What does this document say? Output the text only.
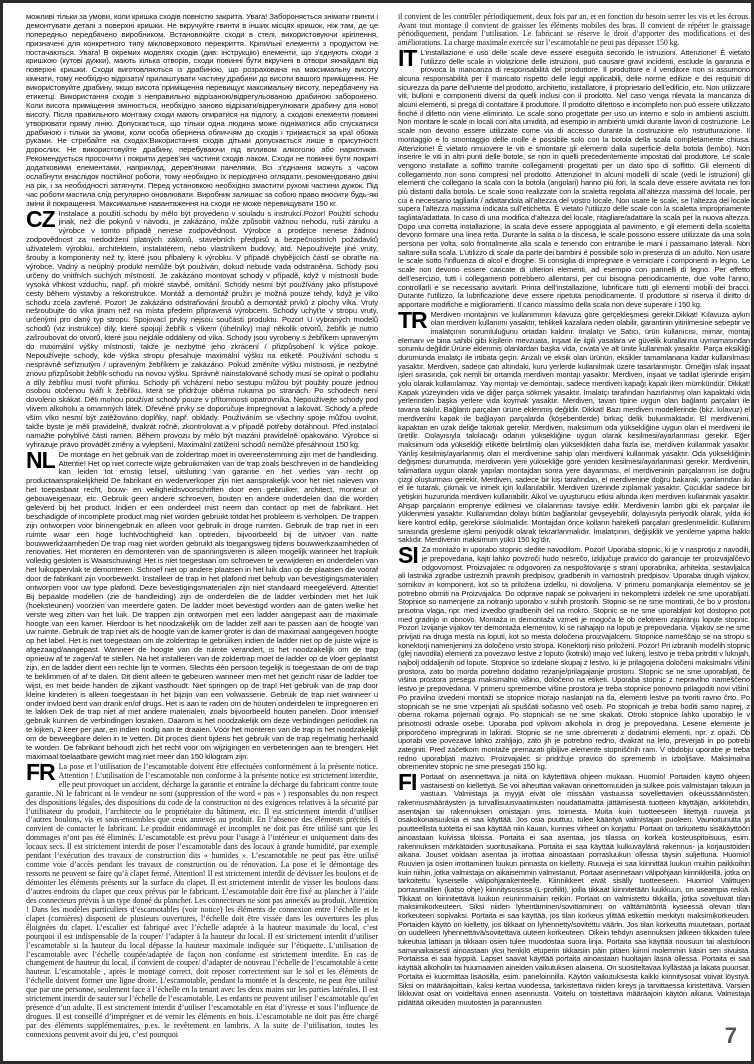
можливі тільки за умови, коли кришка сходів повністю закрита. Увага! Забороняється знімати гвинти і демонтувати деталі з поверхні кришки. Не вкручуйте гвинти в інших місцях кришок, ніж там, де це попередньо передбачено виробником. Встановлюйте сходи в стелі, використовуючи кріплення, призначені для конкретного типу мікловерхового перекриття. Кріпильні елементи з продуктом не постачаються. Увага! В окремих моделях сходів (див: інструкцію) елементи, що з'єднують сходи з кришкою (кутові дужки), мають кілька отворів, сходи повинні бути вкручені в отвори якнайдалі від поверхні кришки. Сходи виготовляються із драбиною, що розрахована на максимальну висоту кімнати, тому необхідно відрізати/ прилаштувати частину драбини до висоти вашого приміщення. Не використовуйте драбину, якщо висота приміщення перевищує максимальну висоту, передбачену на етикетці. Використання сходів з неправильно відрізаною/відрегульованою драбиною заборонено. Коли висота приміщення змінюється, необхідно заново відрізати/відрегулювати драбину для нової висоту. Після правильного монтажу сходи мають опиратися на підлогу, а сходові елементи повинні утворювати пряму лінію. Допускається, що тільки одна людина може підніматися або спускатися драбиною і тільки за умови, коли особа обернена обличчям до сходів і тримається за краї обома руками. Не стрибайте на сходах.Використання сходів дітьми допускається лише в присутності дорослих. Не використовуйте драбину, перебуваючи під впливом алкоголю або наркотиків. Рекомендується просочити і покрити дерев'яні частини сходів лаком. Сходи не повинні бути покриті додатковими елементами, наприклад, дерев'яними панелями. Всі з'єднання можуть з часом ослабнути внаслідок постійної роботи, тому необхідно їх періодично оглядати, рекомендовано двічі на рік, і за необхідності затягнути. Перед установкою необхідно змастити рухомі частини дужок. Під час роботи мастила слід регулярно оновлювати. Виробник залишає за собою право вносити будь-які зміни й покращення. Максимальне навантаження на сходи не може перевищувати 150 кг.

CZ Instalace a použití schodu by mělo být provedeno v souladu s instrukcí.Pozor! Použití schodu jinak, než dle pokynů v návodu, je zakázáno, může způsobit vážnou nehodu, ruší záruku a výrobce v tomto případě nenese zodpovědnost. Výrobce a prodejce nenese žádnou zodpovědnost za nedodržení platných zákonů, stavebních předpisů a bezpečnostních požadavků uživatelem výrobku, architektem, instalatérem, nebo vlastníkem budovy, atd. Nepoužívejte jiné vruty, šrouby a komponenty než ty, které jsou přibaleny k výrobku. V případě chybějících částí se obraťte na výrobce. Vadný a neúplný produkt nemůže být používán, dokud nebude vada odstraněna. Schody jsou určeny do vnitřních suchých místností. Je zakázáno montovat schody v případě, když v místnosti bude vysoká vlhkost vzduchu, např. při mokré stavbě, omítání. Schody nesmí být používány jako přístupové cesty během výstavby a rekonstrukce. Montáž a demontáž pružin je možná pouze tehdy, když je víko schodu zcela zavřené. Pozor! Je zakázáno odstraňování šroubů a demontáž prvků z plochy víka. Vruty nešroubujte do víka jinam než na místa předem připravená výrobcem. Schody uchyťte v stropu vruty, určenými pro daný typ stropu. Spojovací prvky nejsou součástí produktu. Pozor! U vybraných modelů schodů (viz instrukce) díly, které spojují žebřík s víkem (úhelníky) mají několik otvorů, žebřík je nutno zašroubovat do otvorů, které jsou nejdále oddáleny od víka. Schody jsou vyrobeny s žebříkem upraveným do maximální výšky místnosti, takže je nezbytné jeho zkrácení / přizpůsobení k výšce pokoje. Nepoužívejte schody, kde výška stropu přesahuje maximální výšku na etiketě. Používání schodu s nesprávně seříznutým / upraveným žebříkem je zakázáno. Pokud změníte výšku místnosti, je nezbytné znovu přizpůsobit žebřík schodu na novou výšku. Správně nainstalované schody musí se opírat o podlahu a díly žebříku musí tvořit přímku. Schody při vcházení nebo sestupu můžou být použity pouze jednou osobou otočenou tváří k žebříku, která se přidržuje oběma rukama po stranách. Po schodech není dovoleno skákat. Děti mohou používat schody pouze v přítomnosti opatrovníka. Nepoužívejte schody pod vlivem alkoholu a omamných látek. Dřevěné prvky se doporučuje impregnovat a lakovat. Schody a přede vším víko nesmí být zatěžováno doplňky, např. obklady. Používáním se všechny spoje můžou uvolnit, takže byste je měli pravidelně, dvakrát ročně, zkontrolovat a v případě potřeby dotáhnout. Před instalací namažte pohyblivé části ramen. Během provozu by mělo být mazání pravidelně opakováno. Výrobce si vyhrazuje právo provádět změny a vylepšení. Maximální zatížení schodů nemůže přesáhnout 150 kg.

NL De montage en het gebruik van de zoldertrap moet in overeenstemming zijn met de handleiding. Attentie! Het op niet correcte wijze gebruikmaken van de trap zoals beschreven in de handleiding kan leiden tot ernstig letsel, uitsluiting van garantie en het verlies van recht op productaansprakelijkheid De fabrikant en wederverkoper zijn niet aansprakelijk voor het niet naleven van het toepasbaar recht, bouw- en veiligheidsvoorschriften door een gebruiker, architect, monteur of gebouweigenaar, etc. Gebruik geen andere schroeven, bouten en andere onderdelen dan die worden geleverd bij het product. Indien er een onderdeel mist neem dan contact op met de fabrikant. Het beschadigde of incomplete product mag niet worden gebruikt totdat het probleem is verholpen. De trappen zijn ontworpen voor binnengebruik en alleen voor gebruik in droge ruimten. Gebruik de trap niet in een ruimte waar een hoge luchtvochtigheid kan optreden, bijvoorbeeld bij de uitvoer van natte bouwwerkzaamheden De trap mag niet worden gebruikt als toegangsweg tijdens bouwwerkzaamheden of renovaties. Het monteren en demonteren van de spanningsveren is alleen mogelijk wanneer het trapluik volledig gesloten is Waarschuwing! Het is niet toegestaan om schroeven te verwijderen en onderdelen van het luikoppervlak te demonteren. Schroef niet op andere plaatsen in het luik dan op de plaatsen die vooraf door de fabrikant zijn voorbewerkt. Installeer de trap in het plafond met behulp van bevestigingsmaterialen ontworpen voor uw type plafond. Deze bevestigingsmaterialen zijn niet standaard meegeleverd. Attentie! Bij bepaalde modellen (zie de handleiding) zijn de onderdelen die de ladder verbinden met het luik (hoeksteunen) voorzien van meerdere gaten. De ladder moet bevestigd worden aan de gaten welke het verste weg zitten van het luik. De trappen zijn ontworpen met een ladder aangepast aan de maximale hoogte van een kamer. Hierdoor is het noodzakelijk om de ladder zelf aan te passen aan de hoogte van uw ruimte. Gebruik de trap niet als de hoogte van de kamer groter is dan de maximaal aangegeven hoogte op het label. Het is niet toegestaan om de zoldertrap te gebruiken indien de ladder niet op de juiste wijze is afgezaagd/aangepast. Wanneer de hoogte van de ruimte verandert, is het noodzakelijk om de trap opnieuw af te zagen/af te stellen. Na het installeren van de zoldertrap moet de ladder op de vloer geplaatst zijn, en de ladder dient een rechte lijn te vormen. Slechts één persoon tegelijk is toegestaan de om de trap te beklimmen of af te dalen. Dit dient alleen te gebeuren wanneer men met het gezicht naar de ladder toe wijst, en met beide handen de zijkant vasthoudt. Niet springen op de trap! Het gebruik van de trap door kleine kinderen is alleen toegestaan in het bijzijn van een volwassene. Gebruik de trap niet wanneer u onder invloed bent van drank en/of drugs. Het is aan te raden om de houten onderdelen te impregneren en te lakken Dek de trap niet af met andere materialen, zoals bijvoorbeeld houten panelen. Door intensief gebruik kunnen de verbindingen losraken. Daarom is het noodzakelijk om deze verbindingen periodiek na te kijken, 2 keer per jaar, en indien nodig aan te draaien. Vóór het monteren van de trap is het noodzakelijk om de beweegbare delen in te vetten. Dit proces dient tijdens het gebruik van de trap regelmatig herhaald te worden. De fabrikant behoudt zich het recht voor om wijzigingen en verbeteringen aan te brengen. Het maximaal toelaatbare gewicht mag niet meer dan 150 kilogram zijn.

FR La pose et l’utilisation de l’escamotable doivent être effectuées conformément à la présente notice. Attention ! L’utilisation de l’escamotable non conforme à la présente notice est strictement interdite, elle peut provoquer un accident, décharge la garantie et entraîne la décharge du fabricant contre toute garantie. Ni le fabricant ni le vendeur ne sont (suppression of the word « pas » ) responsables du non respect des dispositions légales, des dispositions du code de la construction ni des exigences relatives à la sécurité par l’utilisateur du produit, l’architecte ou le propriétaire du bâtiment, etc. Il est strictement interdit d’utiliser d’autres boulons, vis et sous-ensembles que ceux annexés au produit. En l’absence des éléments précités il convient de contacter le fabricant. Le produit endommagé et incomplet ne doit pas être utilisé tant que les dommages n’ont pas été éliminés. L’escamotable est prévu pour l’usage à l’intérieur et uniquement dans des locaux secs. Il est strictement interdit de poser l’escamotable dans des locaux à grande humidité, par exemple pendant l’exécution des travaux de construction dits « humides ». L’escamotable ne peut pas être utilisé comme voie d’accès pendant les travaux de construction ou de rénovation. La pose et le démontage des ressorts ne peuvent se faire qu’à clapet fermé. Attention! Il est strictement interdit de dévisser les boulons et de démonter les éléments présents sur la surface du clapet. Il est strictement interdit de visser les boulons dans d’autres endroits du clapet que ceux prévus par le fabricant. L’escamotable doit être fixé au plancher à l’aide des connecteurs prévus à un type donné du plancher. Les connecteurs ne sont pas annexés au produit. Attention ! Dans les modèles particuliers d’escamotables (voir notice) les éléments de connexion entre l’échelle et le clapet (cornières) disposent de plusieurs ouvertures, l’échelle doit être vissée dans les ouvertures les plus éloignées du clapet. L’escalier est fabriqué avec l’échelle adaptée à la hauteur maximale du local, c’est pourquoi il est indispensable de la couper/ l’adapter à la hauteur du local. Il est strictement interdit d’utiliser l’escamotable si la hauteur du local dépasse la hauteur maximale indiquée sur l’étiquette. L’utilisation de l’escamotable avec l’échelle coupée/adaptée de façon non conforme est strictement interdite. En cas de changement de hauteur du local, il convient de couper/ d’adapter de nouveau l’échelle de l’escamotable à cette hauteur. L’escamotable , après le montage correct, doit reposer correctement sur le sol et les éléments de l’échelle doivent former une ligne droite. L’escamotable, pendant la montée et la descente, ne peut être utilisé que par une personne, seulement face à l’échelle en la tenant avec les deux mains sur les parties latérales. Il est strictement interdit de sauter sur l’échelle de l’escamotable. Les enfants ne peuvent utiliser l’escamotable qu’en présence d’un adulte. Il est strictement interdit d’utiliser l’escamotable en état d’ivresse et sous l’influence de drogues. Il est conseillé d’imprégner et de vernir les éléments en bois. L’escamotable ne doit pas être chargé par des éléments supplémentaires, p.ex. le revêtement en lambris. A la suite de l’utilisation, toutes les connexions peuvent avoir du jeu, c’est pourquoi

il convient de les contrôler périodiquement, deux fois par an, et en fonction du besoin serrer les vis et les écrous. Avant tout montage il convient de graisser les éléments mobiles des bras. Il convient de répéter le graissage périodiquement, pendant l’utilisation. Le fabricant se réserve le droit d’apporter des modifications et des améliorations. La charge maximale exercée sur l’escamotable ne peut pas dépasser 150 kg.

IT L’installazione e uso delle scale deve essere eseguita secondo le istruzioni. Attenzione! È vietato l’utilizzo delle scale in violazione delle istruzioni, può causare gravi incidenti, esclude la garanzia e provoca la mancanza di responsabilità del produttore. Il produttore e il venditore non si assumono alcuna responsabilità per il mancato rispetto delle leggi applicabili, delle norme edilizie e dei requisiti di sicurezza da parte dell’utente del prodotto, architetto, installatore, il proprietario dell’edificio, etc. Non utilizzare viti, bulloni e componenti diversi da quelli inclusi con il prodotto. Nel caso venga rilevata la mancanza di alcuni elementi, si prega di contattare il produttore. Il prodotto difettoso e incompleto non può essere utilizzato finché il difetto non viene eliminato. Le scale sono progettate per uso un interno e solo in ambienti asciutti. Non montare le scale in locali con alta umidità, ad esempio in ambienti umidi durante lavori di costruzione. Le scale non devono essere utilizzate come via di accesso durante la costruzione e/o ristrutturazione. Il montaggio e lo smontaggio delle molle è possibile solo con la botola della scala completamente chiusa. Attenzione! È vietato rimuovere le viti e smontare gli elementi dalla superficie della botola (lembo). Non inserire le viti in altri punti delle botole, se non in quelli precedentemente impostati dal produttore. Le scale vengono installate a soffitto tramite collegamenti progettati per un dato tipo di soffitto. Gli elementi di collegamento non sono compresi nel prodotto. Attenzione! In alcuni modelli di scale (vedi le istruzioni) gli elementi che collegano la scala con la botola (angolari) hanno più fori, la scala deve essere avvitata nei fori più distanti dalla botola. Le scale sono realizzate con la scaletta regolata all’altezza massima del locale, per cui è necessario tagliarla / adattandola all’altezza del vostro locale. Non usare le scale, se l’altezza del locale supera l’altezza massima indicata sull’etichetta. È vietato l’utilizzo delle scale con la scaletta impropriamente tagliata/adattata. In caso di una modifica d’altezza del locale, ritagliare/adattare la scala per la nuova altezza. Dopo una corretta installazione, la scala deve essere appoggiata al pavimento, e gli elementi della scaletta devono formare una linea retta. Durante la salita o la discesa, le scale possono essere utilizzate da una sola persona per volta, solo frontalmente alla scala e tenendo con entrambe le mani i passamano laterali. Non saltare sulla scala. L’utilizzo di scale da parte dei bambini è possibile solo in presenza di un adulto. Non usare le scale sotto l’influenza di alcol e droghe. Si consiglia di impregnare e verniciare i componenti in legno. Le scale non devono essere caricate di ulteriori elementi, ad esempio con pannelli di legno. Per effetto dell’esercizio, tutti i collegamenti potrebbero allentarsi, per cui bisogna periodicamente, due volte l’anno, controllarli e se necessario avvitarli. Prima dell’installazione, lubrificare tutti gli elementi mobili dei bracci. Durante l’utilizzo, la lubrificazione deve essere ripetuta periodicamente. Il produttore si riserva il diritto di apportare modifiche e miglioramenti. Il carico massimo della scala non deve superare i 150 kg.

TR Merdiven montajının ve kullanımının kılavuza göre gerçekleşmesi gerekir.Dikkat! Kılavuza aykırı olan merdiven kullanımı yasaktır, tehlikeli kazalara neden olabilir, garantinin yitirilmesine sebeptir ve imalatçının sorumluluğunu ortadan kaldırır. İmalatçı ve Satıcı, ürün kullanıcısı, mimar, montaj elemanı ve bina sahibi gibi kişilerin mevzuata, inşaat ile ilgili yasalara ve güvelik kurallarına uymamasından sorumlu değildir.Ürüne eklenmiş olanlardan başka vida, cıvata ve alt ünite kullanmak yasaktır. Parça eksikliği durumunda imalatçı ile irtibata geçin. Arızalı ve eksik olan ürünün, eksikler tamamlanana kadar kullanılması yasaktır. Merdiven, sadece çatı altındaki, kuru yerlerde kullanılmak üzere tasarlanmıştır. Örneğin ıslak inşaat işleri sırasında, çok nemli bir ortamda merdiven montajı yasaktır. Merdiven, inşaat ve tadilat işlerinde erişim yolu olarak kullanılamaz. Yay montajı ve demontajı, sadece merdiven kapağı kapalı iken mümkündür. Dikkat! Kapak yüzeyinden vida ve diğer parça sökmek yasaktır. İmalatçı tarafından hazırlanmış olan kapaktaki vida yerlerinden başka yerlere vida koymak yasaktır. Merdiven, tavan tipine uygun olan bağlantı parçaları ile tavana takılır. Bağlantı parçaları ürüne eklenmiş değildir. Dikkat! Bazı merdiven modellerinde (bkz. kılavuz) el merdivenini kapak ile bağlayan parçalarda (köşebentlerde) birkaç delik bulunmaktadır. El merdivenini, kapaktan en uzak deliğe takmak gerekir. Merdiven, maksimum oda yüksekliğine uygun olan el merdiveni ile üretilir. Dolayısıyla takılacağı odanın yüksekliğine uygun olarak kesilmesi/ayarlanması gerekir. Eğer maksimum oda yüksekliği etikette belirtilmiş olan yükseklikten daha fazla ise, merdiven kullanmak yasaktır. Yanlış kesilmiş/ayarlanmış olan el merdivenine sahip olan merdiveni kullanmak yasaktır. Oda yüksekliğinin değişmesi durumunda, merdivenin yeni yüksekliğe göre yeniden kesilmesi/ayarlanması gerekir. Merdivenin, talimatlara uygun olarak yapılan montajdan sonra yere dayanması, el merdiveninin parçalarının ise doğru çizgi oluşturması gerekir. Merdiven, sadece bir kişi tarafından, el merdivenine doğru bakarak, yanlarından iki el ile tutarak, çıkmak ve inmek için kullanılabilir. Merdiven üzerinde zıplamak yasaktır. Çocuklar sadece bir yetişkin huzurunda merdiven kullanabilir. Alkol ve uyuşturucu etkisi altında iken merdiven kullanmak yasaktır. Ahşap parçaların emprenye edilmesi ve cilalanması tavsiye edilir. Merdivenin lambri gibi ek parçalar ile yüklenmesi yasaktır. Kullanımdan dolayı bütün bağlantılar gevşeyebilir, dolayısıyla periyodik olarak, yılda iki kere kontrol edilip, gerekirse sıkılmalıdır. Montajdan önce kolların hareketli parçaları greslenmelidir. Kullanım sırasında gresleme işlemi periyodik olarak tekrarlanmalıdır. İmalatçının, değişiklik ve yenileme yapma hakkı saklıdır. Merdivenin maksimum yükü 150 kg’dır.

SI Za montažo in uporabo stopnic sledite navodilom. Pozor! Uporaba stopnic, ki je v nasprotju z navodili, je prepovedana, kajti lahko povzroči hudo nesrečo, izključuje pravico do garancije ter proizvajalčevo odgovornost. Proizvajalec ni odgovoren za nespoštovanje s strani uporabnika, arhitekta, sestavljalca ali lastnika zgradbe ustreznih pravnih predpisov, gradbenih in varnostnih predpisov. Uporaba drugih vijakov, sornikov in komponent, kot so ta priložena izdelku, ni dovoljena. V primeru pomanjkanja elementov se je potrebno obrniti na Proizvajalca. Do odprave napak se pokvarjeni in nekompletni izdelek ne sme uporabljati. Stopnice so namenjene za notranjo uporabo v suhih prostorih. Stopnic se ne sme montirati, če bo v prostoru prisotna vlaga, npr. med izvedbo gradbenih del na mokro. Stopnic se ne sme uporabljati kot dostopno pot med gradnjo in obnovo. Montaža in demontaža vzmeti je mogoča le ob celotnem zapiranju lopute stopnic. Pozor! Izvijanje vijakov ter demontaža elementov, ki se nahajajo na loputi je prepovedana. Vijakov se ne sme privijati na druga mesta na loputi, kot so mesta določena proizvajalcem. Stopnice nameščajo se na stropu s konektorji namenjenimi za določeno vrsto stropa. Konektorji niso priloženi. Pozor! Pri izbranih modelih stopnic (glej navodila) elementi za povezavo lestve z loputo (kotniki) imajo več lukenj, lestvo je treba pritrditi v luknjah, najbolj oddaljenih od lopute. Stopnice so izdelane skupaj z lestvo, ki je prilagojena določeni maksimalni višini prostora, zato bo morda potrebno dodatno rezanje/prilagajanje prostoru. Stopnic se ne sme uporabljati, če višina prostora presega maksimalno višino, določeno na etiketi. Uporaba stopnic z nepravilno nameščeno lestvo je prepovedana. V primeru spremembe višine prostora je treba stopnice ponovno prilagoditi novi višini. Po pravilno izvedeni montaži se stopnice morajo naslanjati na tla, elementi lestve pa tvoriti ravno črto. Po stopnicah se ne sme vzpenjati ali spuščati sočasno več oseb. Po stopnicah je treba hoditi samo naprej, z obema rokama prijemati ograjo. Po stopnicah se ne sme skakati. Otroki stopnice lahko uporabijo le v prisotnosti odrasle osebe. Uporaba pod vplivom alkohola in drog je prepovedana. Lesene elemente je priporočeno impregnirati in lakirati. Stopnic se ne sme obremeniti z dodatnimi elementi, npr. z opaži. Ob uporabi vse povezave lahko zrahljajo, zato jih je potrebno redno, dvakrat na leto, preverjati in po potrebi zategniti. Pred začetkom montaže premazati gibljive elemente stopniščnih ram. V obdobju uporabe je treba redno uporabljati mazivo. Proizvajalec si pridržuje pravico do sprememb in izboljšave. Maksimalna obremenitev stopnic ne sme presegati 150 kg.

FI Portaat on asennettava ja niitä on käytettävä ohjeen mukaan. Huomio! Portaiden käyttö ohjeen vastaisesti on kiellettyä. Se voi aiheuttaa vakavan onnettomuuden ja sulkee pois valmistajan takuun ja vastuun. Valmistaja ja myyjä eivät ole missään vastuussa sovellettavien oikeussäännösten, rakennusmääräysten ja turvallisuusvaatimusten noudattamatta jättämisestä tuotteen käyttäjän, arkkitehdin, asentajan tai rakennuksen omistajan yms. toimesta. Muita kuin tuotteeseen liitettyjä ruuveja ja osakokonaisuuksia ei saa käyttää. Jos osia puuttuu, tulee kääntyä valmistajan puoleen. Vaurioitunutta ja puutteellista tuotetta ei saa käyttää niin kauan, kunnes virheet on korjattu. Portaat on tarkoitettu sisäkäyttöön ainoastaan kuivissa tiloissa. Portaita ei saa asentaa, jos tilassa on korkea kosteuspitoisuus, esim. rakennuksen märkätöiden suoritusaikana. Portaita ei saa käyttää kulkuväylänä rakennus- ja korjaustöiden aikana. Jouset voidaan asentaa ja irrottaa ainoastaan porrasluukun ollessa täysin suljettuna. Huomio! Ruuvien ja osien irrottaminen luukun pinnasta on kielletty. Ruuveja ei saa kiinnittää luukun muihin paikkoihin kuin niihin, jotka valmistaja on aikaisemmin valmistanut. Portaat asennetaan välipohjaan kiinnikkeillä, jotka on tarkoitettu kyseiselle välipohjarakenteelle. Kiinnikkeet eivät sisälly tuotteeseen. Huomio! Valittujen porrasmallien (katso ohje) kiinnitysosissa (L-profiilit), joilla tikkaat kiinnitetään luukkuun, on useampia reikiä. Tikkaat on kiinnitettävä luukun reunimmaisiin reikiin. Portaat on valmistettu tikkailla, jotka soveltuvat tilan maksimikorkeuteen. Siksi niiden lyhentäminen/sovittaminen on välttämätöntä kyseessä olevan tilan korkeuteen sopivaksi. Portaita ei saa käyttää, jos tilan korkeus ylittää etikettiin merkityn maksimikorkeuden. Portaiden käyttö on kielletty, jos tikkaat on lyhennetty/sovitettu väärin. Jos tilan korkeutta muutetaan, portaat on uudelleen lyhennettävä/sovitettava uuteen korkeuteen. Oikein tehdyn asennuksen jälkeen tikkaiden tulee tukeutua lattiaan ja tikkaan osien tulee muodostaa suora linja. Portaita saa käyttää nousuun tai alastuloon samanaikaisesti ainoastaan yksi henkilö etuperin tikkaisiin päin pitäen kiinni molemmin käsin sen sivuista. Portaissa ei saa hyppiä. Lapset saavat käyttää portaita ainoastaan huoltajan läsnä ollessa. Portaita ei saa käyttää alkoholin tai huumaavien aineiden vaikutuksen alaisena. On suositeltavaa kyllästää ja lakata puuosat. Portaita ei kuormittaa lisäosilla, esim. paneloinnilla. Käytön vaikutuksesta kaikki kiinnitysosat voivat löystyä. Siksi on määräajoittain, kaksi kertaa vuodessa, tarkistettava niiden kireys ja tarvittaessa kiristettävä. Varsien liikkuvat osat on voideltava ennen asennusta. Voitelu on toistettava määräajoin käytön aikana. Valmistaja pidättää oikeuden muutosten ja parannusten

7
